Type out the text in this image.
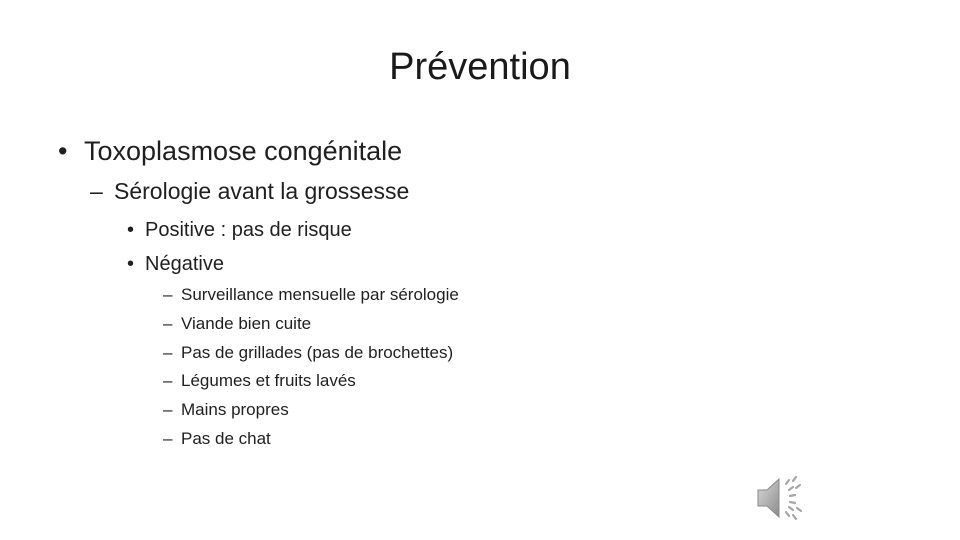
Prévention
• Toxoplasmose congénitale
– Sérologie avant la grossesse
• Positive : pas de risque
• Négative
– Surveillance mensuelle par sérologie
– Viande bien cuite
– Pas de grillades (pas de brochettes)
– Légumes et fruits lavés
– Mains propres
– Pas de chat
